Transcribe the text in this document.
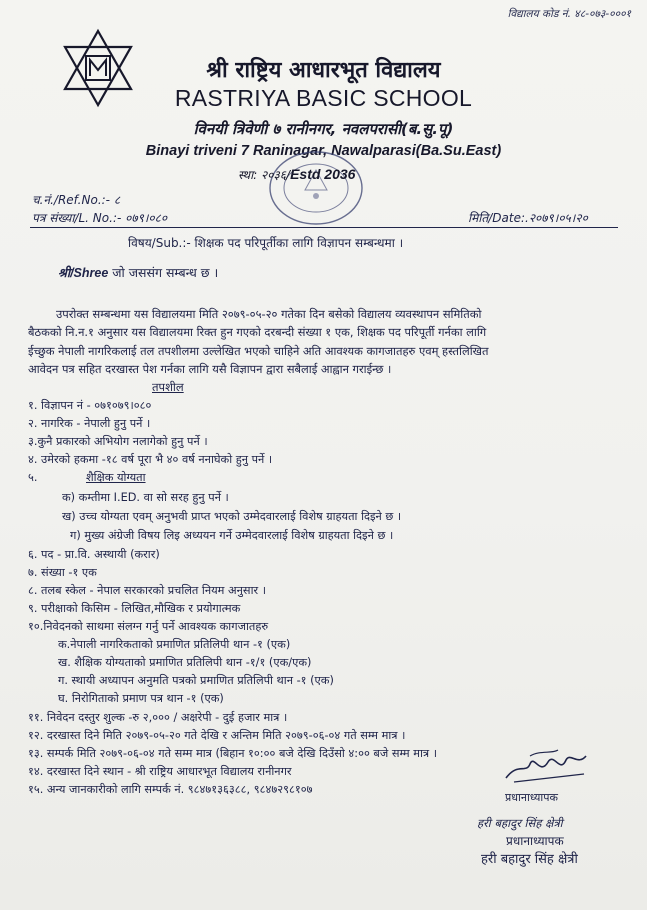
विद्यालय कोड नं. ४८-०७३-०००१
श्री राष्ट्रिय आधारभूत विद्यालय
RASTRIYA BASIC SCHOOL
विनयी त्रिवेणी ७ रानीनगर, नवलपरासी(ब.सु.पू)
Binayi triveni 7 Raninagar, Nawalparasi(Ba.Su.East)
स्था: २०३६/Estd 2036
च.नं./Ref.No.:- ८
पत्र संख्या/L. No.:- ०७९।०८०	मिति/Date:.२०७९।०५।२०
विषय/Sub.:- शिक्षक पद परिपूर्तीका लागि विज्ञापन सम्बन्धमा ।
श्री/Shree जो जससंग सम्बन्ध छ ।
उपरोक्त सम्बन्धमा यस विद्यालयमा मिति २०७९-०५-२० गतेका दिन बसेको विद्यालय व्यवस्थापन समितिको
बैठकको नि.न.१ अनुसार यस विद्यालयमा रिक्त हुन गएको दरबन्दी संख्या १ एक, शिक्षक पद परिपूर्ती गर्नका लागि
ईच्छुक नेपाली नागरिकलाई तल तपशीलमा उल्लेखित भएको चाहिने अति आवश्यक कागजातहरु एवम् हस्तलिखित
आवेदन पत्र सहित दरखास्त पेश गर्नका लागि यसै विज्ञापन द्वारा सबैलाई आह्वान गराईन्छ ।
तपशील
१. विज्ञापन नं - ०७१०७९।०८०
२. नागरिक - नेपाली हुनु पर्ने ।
३.कुनै प्रकारको अभियोग नलागेको हुनु पर्ने ।
४. उमेरको हकमा -१८ वर्ष पूरा भै ४० वर्ष ननाघेको हुनु पर्ने ।
५.	शैक्षिक योग्यता
क) कम्तीमा I.ED. वा सो सरह हुनु पर्ने ।
ख) उच्च योग्यता एवम् अनुभवी प्राप्त भएको उम्मेदवारलाई विशेष ग्राहयता दिइने छ ।
ग) मुख्य अंग्रेजी विषय लिइ अध्ययन गर्ने उम्मेदवारलाई विशेष ग्राहयता दिइने छ ।
६. पद - प्रा.वि. अस्थायी (करार)
७. संख्या -१ एक
८. तलब स्केल - नेपाल सरकारको प्रचलित नियम अनुसार ।
९. परीक्षाको किसिम - लिखित,मौखिक र प्रयोगात्मक
१०.निवेदनको साथमा संलग्न गर्नु पर्ने आवश्यक कागजातहरु
क.नेपाली नागरिकताको प्रमाणित प्रतिलिपी थान -१ (एक)
ख. शैक्षिक योग्यताको प्रमाणित प्रतिलिपी थान -१/१ (एक/एक)
ग. स्थायी अध्यापन अनुमति पत्रको प्रमाणित प्रतिलिपी थान -१ (एक)
घ. निरोगिताको प्रमाण पत्र थान -१ (एक)
११. निवेदन दस्तुर शुल्क -रु २,००० / अक्षरेपी - दुई हजार मात्र ।
१२. दरखास्त दिने मिति २०७९-०५-२० गते देखि र अन्तिम मिति २०७९-०६-०४ गते सम्म मात्र ।
१३. सम्पर्क मिति २०७९-०६-०४ गते सम्म मात्र (बिहान १०:०० बजे देखि दिउँसो ४:०० बजे सम्म मात्र ।
१४. दरखास्त दिने स्थान - श्री राष्ट्रिय आधारभूत विद्यालय रानीनगर
१५. अन्य जानकारीको लागि सम्पर्क नं. ९८४७१३६३८८, ९८४७२९८१०७
प्रधानाध्यापक
हरी बहादुर सिंह क्षेत्री
प्रधानाध्यापक
हरी बहादुर सिंह क्षेत्री
